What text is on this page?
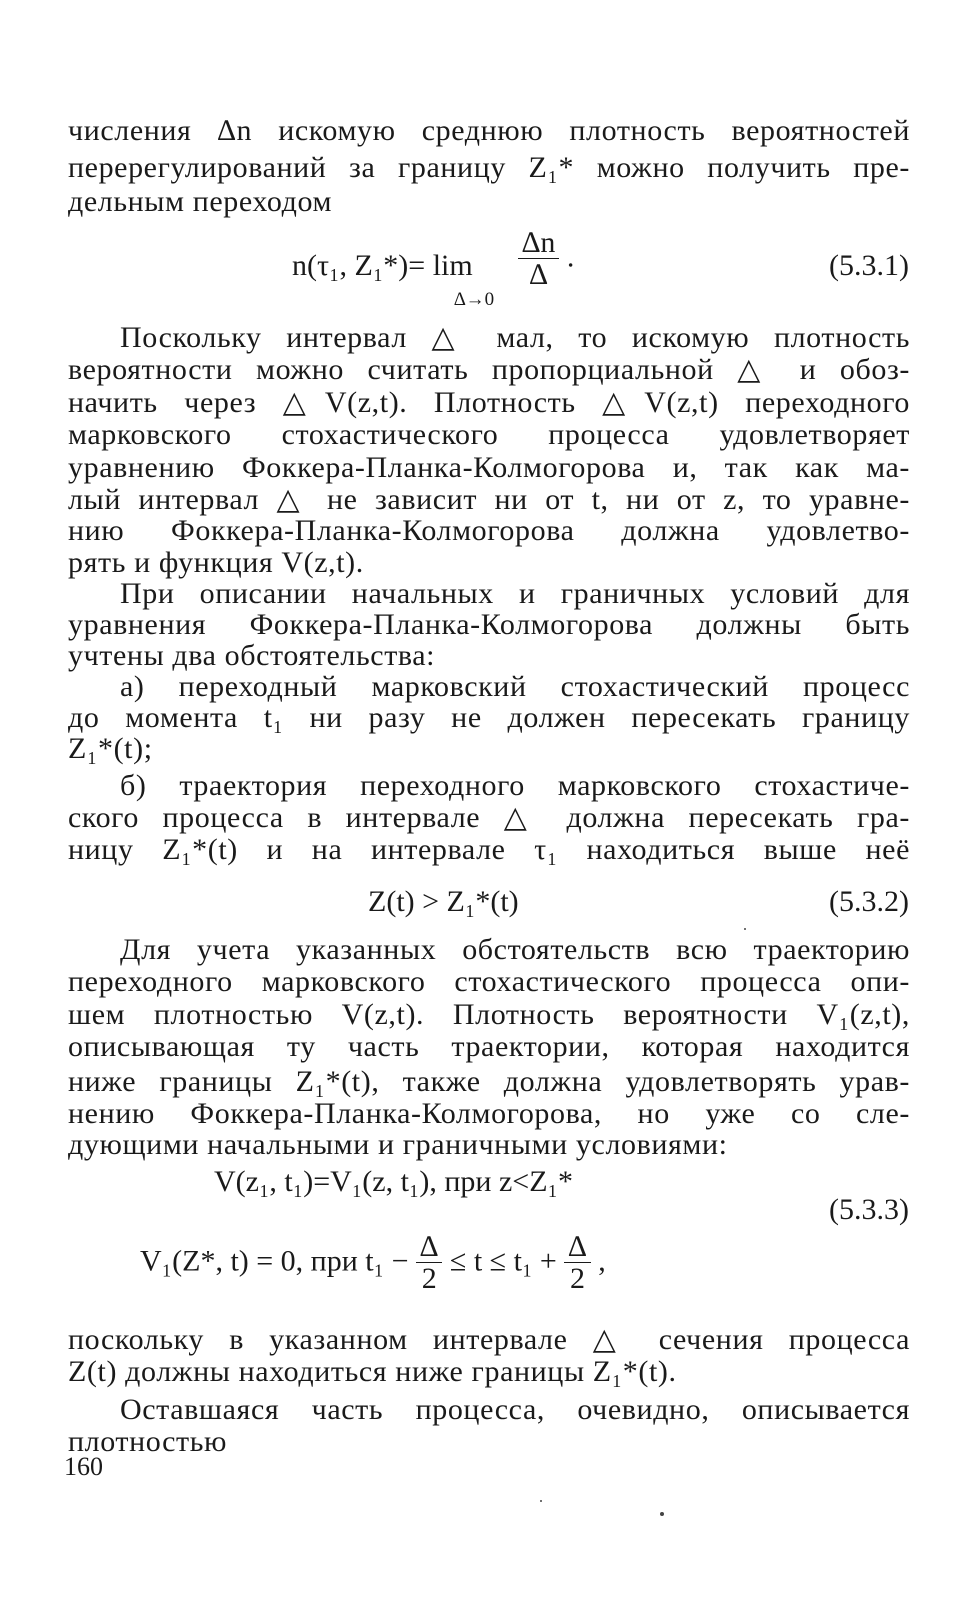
числения ∆n искомую среднюю плотность вероятностей
перерегулирований за границу Z₁* можно получить пре-
дельным переходом
n(τ₁, Z₁*)= lim
∆→0
$\frac{\Delta n}{\Delta}$ .	(5.3.1)
Поскольку интервал △ мал, то искомую плотность
вероятности можно считать пропорциальной △ и обоз-
начить через △V(z,t). Плотность △V(z,t) переходного
марковского стохастического процесса удовлетворяет
уравнению Фоккера-Планка-Колмогорова и, так как ма-
лый интервал △ не зависит ни от t, ни от z, то уравне-
нию Фоккера-Планка-Колмогорова должна удовлетво-
рять и функция V(z,t).
При описании начальных и граничных условий для
уравнения Фоккера-Планка-Колмогорова должны быть
учтены два обстоятельства:
а) переходный марковский стохастический процесс
до момента t₁ ни разу не должен пересекать границу
Z₁*(t);
б) траектория переходного марковского стохастиче-
ского процесса в интервале △ должна пересекать гра-
ницу Z₁*(t) и на интервале τ₁ находиться выше неё
Z(t) > Z₁*(t)	(5.3.2)
Для учета указанных обстоятельств всю траекторию
переходного марковского стохастического процесса опи-
шем плотностью V(z,t). Плотность вероятности V₁(z,t),
описывающая ту часть траектории, которая находится
ниже границы Z₁*(t), также должна удовлетворять урав-
нению Фоккера-Планка-Колмогорова, но уже со сле-
дующими начальными и граничными условиями:
V(z₁, t₁)=V₁(z, t₁), при z<Z₁*
(5.3.3)
V₁(Z*, t) = 0, при $t_1 - \frac{\Delta}{2} \le t \le t_1 + \frac{\Delta}{2}$ ,
поскольку в указанном интервале △ сечения процесса
Z(t) должны находиться ниже границы Z₁*(t).
Оставшаяся часть процесса, очевидно, описывается
плотностью
160
